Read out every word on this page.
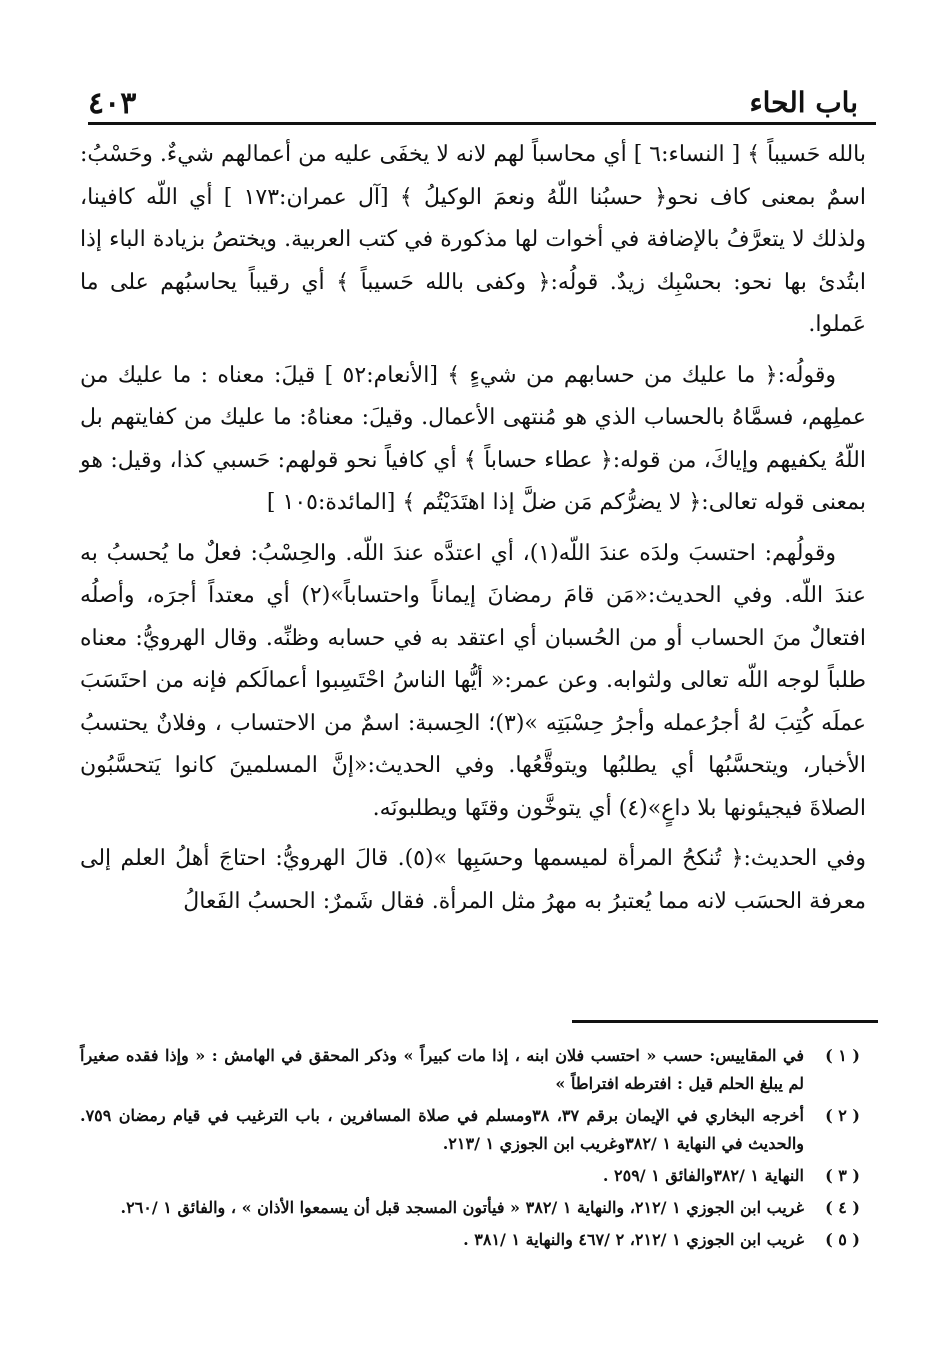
باب الحاء
٤٠٣

بالله حَسيباً ﴾ [ النساء:٦ ] أي محاسباً لهم لانه لا يخفَى عليه من أعمالهم شيءٌ. وحَسْبُ: اسمٌ بمعنى كاف نحو﴿ حسبُنا اللّهُ ونعمَ الوكيلُ ﴾ [آل عمران:١٧٣ ] أي اللّه كافينا، ولذلك لا يتعرَّفُ بالإضافة في أخوات لها مذكورة في كتب العربية. ويختصُ بزيادة الباء إذا ابتُدئ بها نحو: بحسْبِك زيدٌ. قولُه:﴿ وكفى بالله حَسيباً ﴾ أي رقيباً يحاسبُهم على ما عَملوا.

وقولُه:﴿ ما عليك من حسابهم من شيءٍ ﴾ [الأنعام:٥٢ ] قيلَ: معناه : ما عليك من عملِهم، فسمَّاهُ بالحساب الذي هو مُنتهى الأعمال. وقيلَ: معناهُ: ما عليك من كفايتهم بل اللّهُ يكفيهم وإياكَ، من قوله:﴿ عطاء حساباً ﴾ أي كافياً نحو قولهم: حَسبي كذا، وقيل: هو بمعنى قوله تعالى:﴿ لا يضرُّكم مَن ضلَّ إذا اهتَدَيْتُم ﴾ [المائدة:١٠٥ ]

وقولُهم: احتسبَ ولدَه عندَ اللّه(١)، أي اعتدَّه عندَ اللّه. والحِسْبُ: فعلٌ ما يُحسبُ به عندَ اللّه. وفي الحديث:«مَن قامَ رمضانَ إيماناً واحتساباً»(٢) أي معتداً أجرَه، وأصلُه افتعالٌ منَ الحساب أو من الحُسبان أي اعتقد به في حسابه وظنِّه. وقال الهرويُّ: معناه طلباً لوجه اللّه تعالى ولثوابه. وعن عمر:« أيُّها الناسُ احْتَسِبوا أعمالَكم فإنه من احتَسَبَ عملَه كُتِبَ لهُ أجرُعمله وأجرُ حِسْبَتِه »(٣)؛ الحِسبة: اسمٌ من الاحتساب ، وفلانٌ يحتسبُ الأخبار، ويتحسَّبُها أي يطلبُها ويتوقَّعُها. وفي الحديث:«إنَّ المسلمينَ كانوا يَتحسَّبُون الصلاةَ فيجيئونها بلا داعٍ»(٤) أي يتوخَّون وقتَها ويطلبونَه.

وفي الحديث:﴿ تُنكحُ المرأة لميسمها وحسَبِها »(٥). قالَ الهرويُّ: احتاجَ أهلُ العلم إلى معرفة الحسَب لانه مما يُعتبرُ به مهرُ مثل المرأة. فقال شَمرٌ: الحسبُ الفَعالُ

( ١ )
في المقاييس: حسب « احتسب فلان ابنه ، إذا مات كبيراً » وذكر المحقق في الهامش : « وإذا فقده صغيراً لم يبلغ الحلم قيل : افترطه افتراطاً »
( ٢ )
أخرجه البخاري في الإيمان برقم ٣٧، ٣٨ومسلم في صلاة المسافرين ، باب الترغيب في قيام رمضان ٧٥٩. والحديث في النهاية ١ /٣٨٢وغريب ابن الجوزي ١ /٢١٣.
( ٣ )
النهاية ١ /٣٨٢والفائق ١ /٢٥٩ .
( ٤ )
غريب ابن الجوزي ١ /٢١٢، والنهاية ١ /٣٨٢ « فيأتون المسجد قبل أن يسمعوا الأذان » ، والفائق ١ /٢٦٠.
( ٥ )
غريب ابن الجوزي ١ /٢١٢، ٢ /٤٦٧ والنهاية ١ /٣٨١ .
